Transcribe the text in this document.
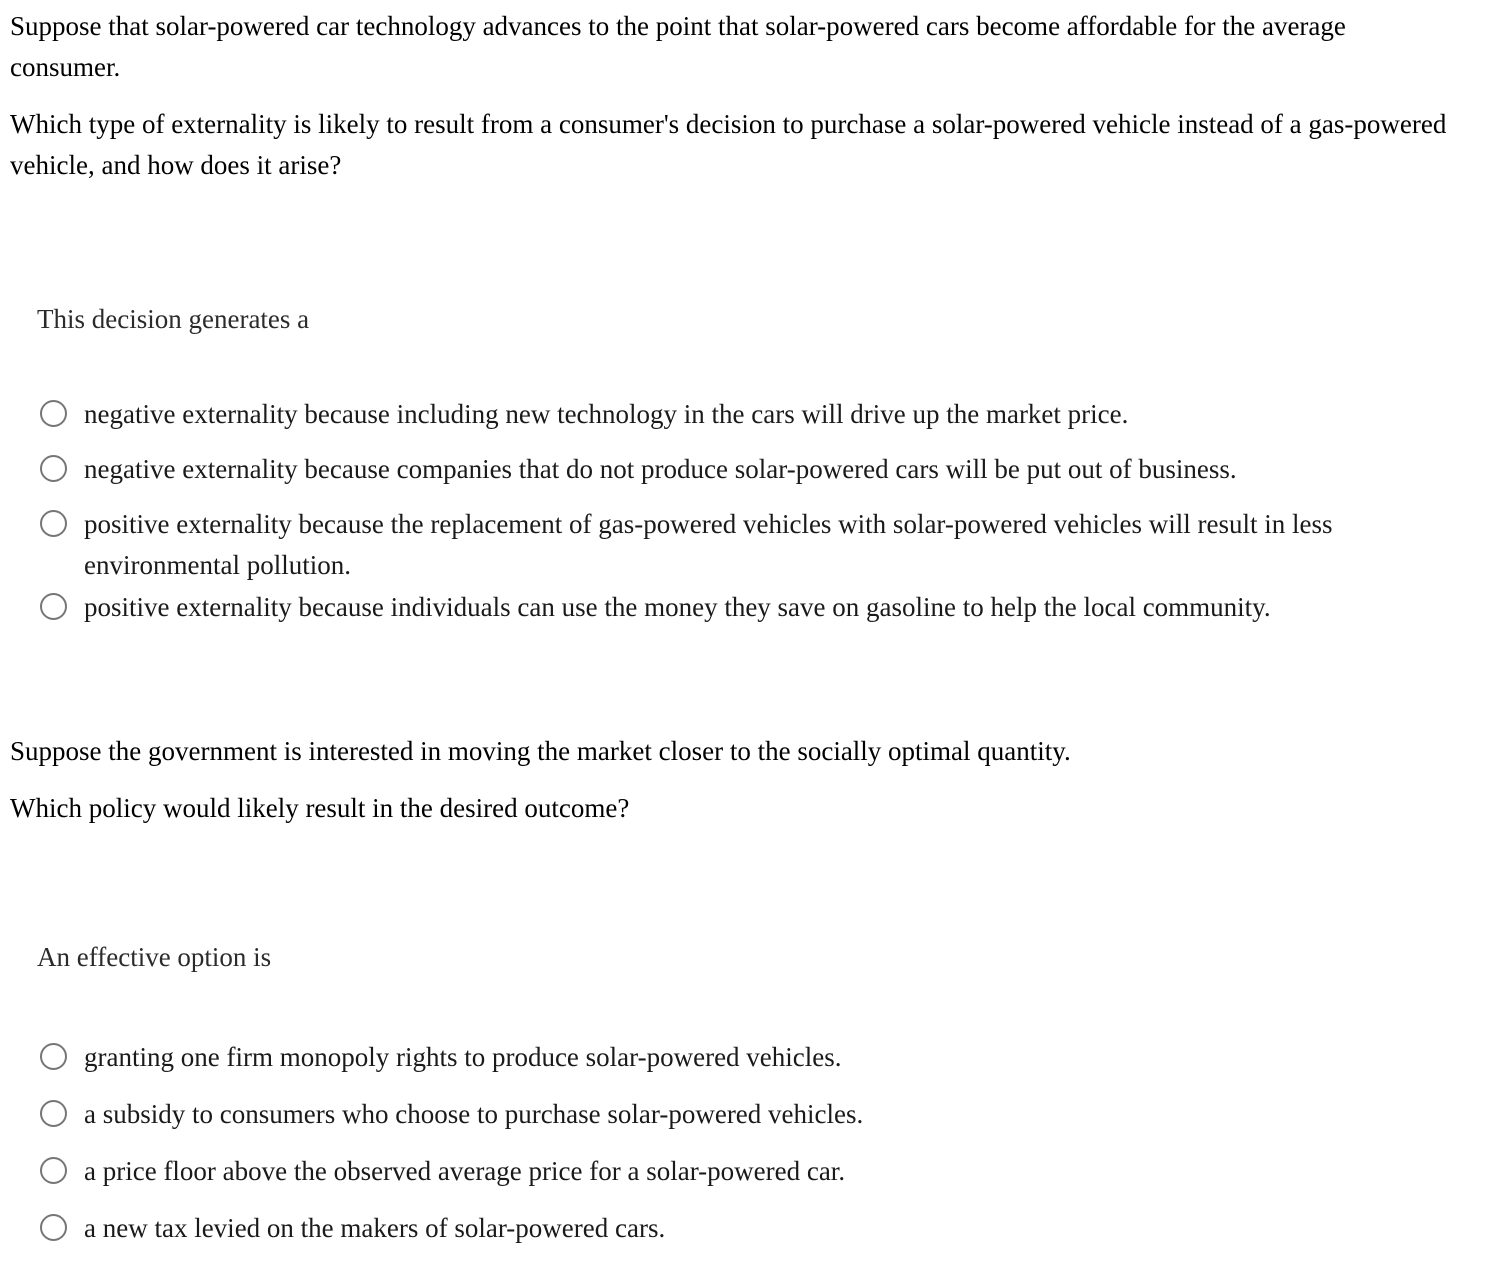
Suppose that solar-powered car technology advances to the point that solar-powered cars become affordable for the average consumer.

Which type of externality is likely to result from a consumer's decision to purchase a solar-powered vehicle instead of a gas-powered vehicle, and how does it arise?

This decision generates a

negative externality because including new technology in the cars will drive up the market price.
negative externality because companies that do not produce solar-powered cars will be put out of business.
positive externality because the replacement of gas-powered vehicles with solar-powered vehicles will result in less environmental pollution.
positive externality because individuals can use the money they save on gasoline to help the local community.

Suppose the government is interested in moving the market closer to the socially optimal quantity.

Which policy would likely result in the desired outcome?

An effective option is

granting one firm monopoly rights to produce solar-powered vehicles.
a subsidy to consumers who choose to purchase solar-powered vehicles.
a price floor above the observed average price for a solar-powered car.
a new tax levied on the makers of solar-powered cars.
